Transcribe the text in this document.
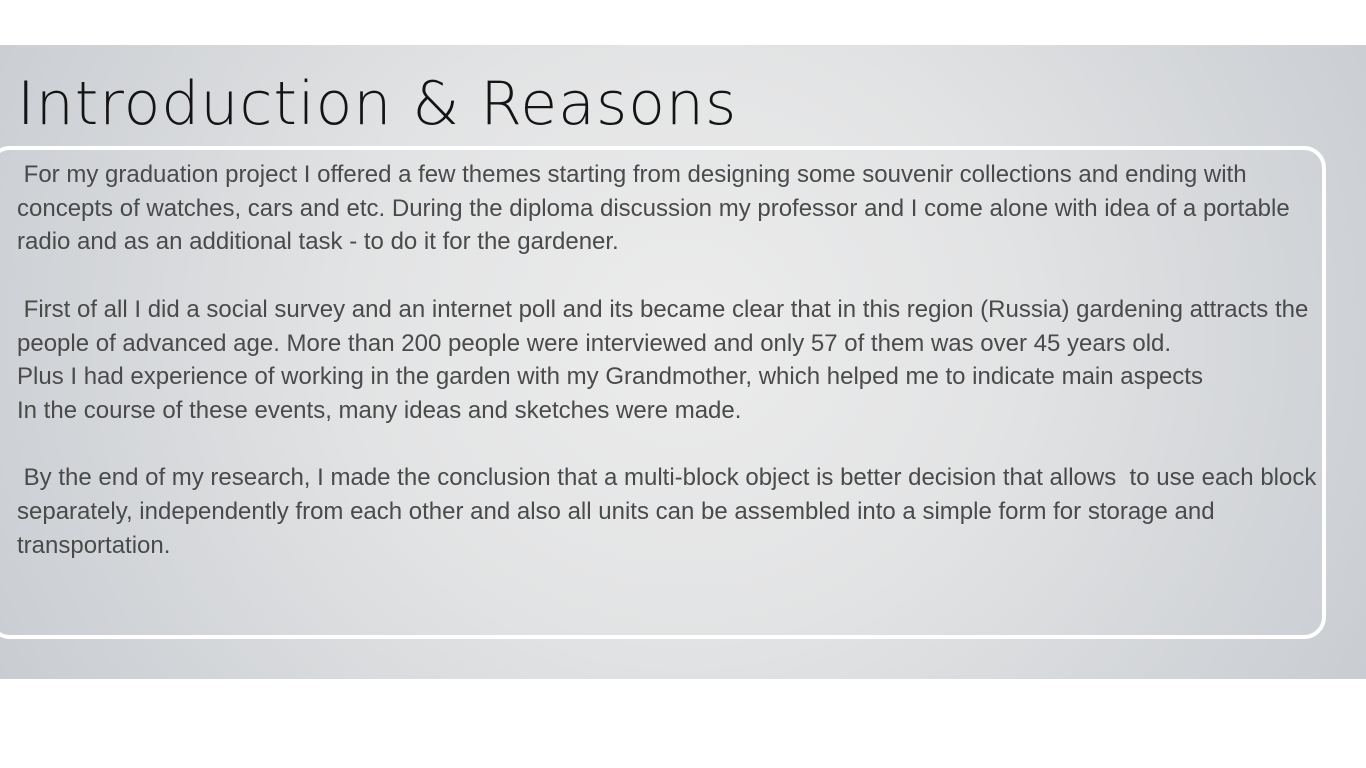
Introduction & Reasons

For my graduation project I offered a few themes starting from designing some souvenir collections and ending with concepts of watches, cars and etc. During the diploma discussion my professor and I come alone with idea of a portable radio and as an additional task - to do it for the gardener.

First of all I did a social survey and an internet poll and its became clear that in this region (Russia) gardening attracts the people of advanced age. More than 200 people were interviewed and only 57 of them was over 45 years old.

Plus I had experience of working in the garden with my Grandmother, which helped me to indicate main aspects

In the course of these events, many ideas and sketches were made.

By the end of my research, I made the conclusion that a multi-block object is better decision that allows  to use each block separately, independently from each other and also all units can be assembled into a simple form for storage and transportation.
